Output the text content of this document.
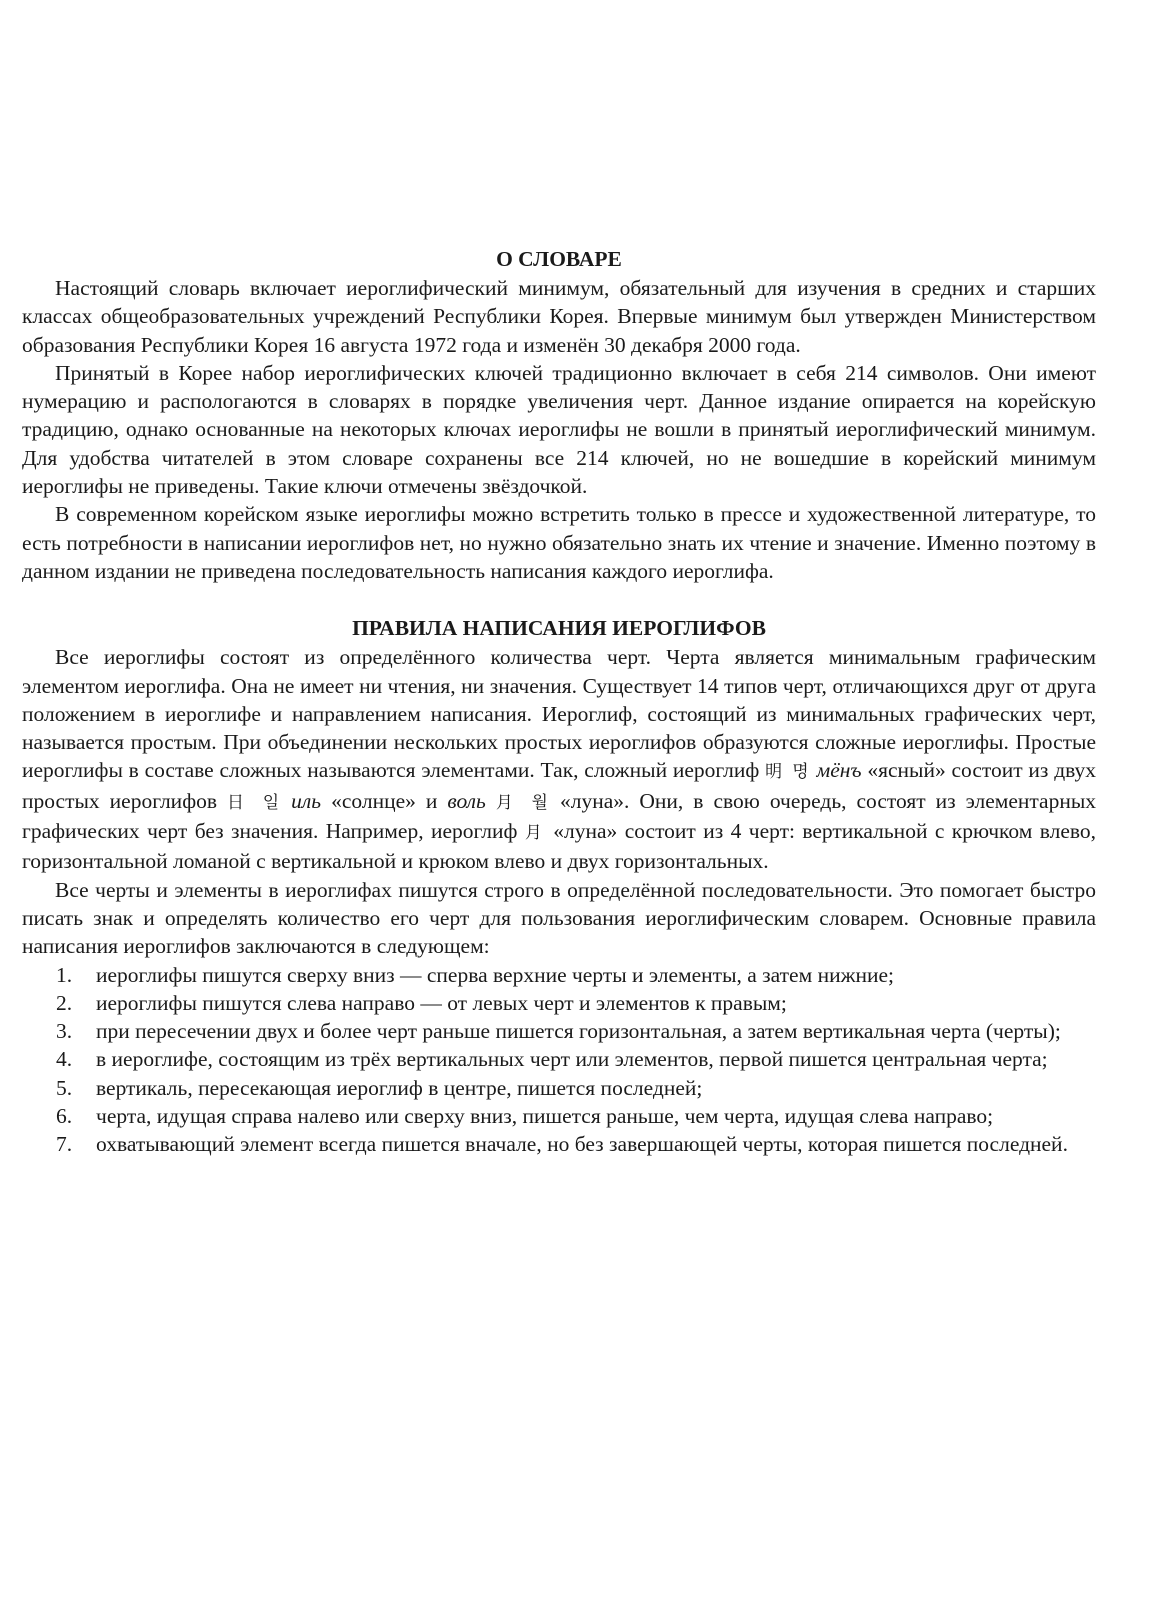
О СЛОВАРЕ

Настоящий словарь включает иероглифический минимум, обязательный для изучения в средних и старших классах общеобразовательных учреждений Республики Корея. Впервые минимум был утвержден Министерством образования Республики Корея 16 августа 1972 года и изменён 30 декабря 2000 года.

Принятый в Корее набор иероглифических ключей традиционно включает в себя 214 символов. Они имеют нумерацию и распологаются в словарях в порядке увеличения черт. Данное издание опирается на корейскую традицию, однако основанные на некоторых ключах иероглифы не вошли в принятый иероглифический минимум. Для удобства читателей в этом словаре сохранены все 214 ключей, но не вошедшие в корейский минимум иероглифы не приведены. Такие ключи отмечены звёздочкой.

В современном корейском языке иероглифы можно встретить только в прессе и художественной литературе, то есть потребности в написании иероглифов нет, но нужно обязательно знать их чтение и значение. Именно поэтому в данном издании не приведена последовательность написания каждого иероглифа.

ПРАВИЛА НАПИСАНИЯ ИЕРОГЛИФОВ

Все иероглифы состоят из определённого количества черт. Черта является минимальным графическим элементом иероглифа. Она не имеет ни чтения, ни значения. Существует 14 типов черт, отличающихся друг от друга положением в иероглифе и направлением написания. Иероглиф, состоящий из минимальных графических черт, называется простым. При объединении нескольких простых иероглифов образуются сложные иероглифы. Простые иероглифы в составе сложных называются элементами. Так, сложный иероглиф 明 명 мёнъ «ясный» состоит из двух простых иероглифов 日 일 иль «солнце» и воль 月 월 «луна». Они, в свою очередь, состоят из элементарных графических черт без значения. Например, иероглиф 月 «луна» состоит из 4 черт: вертикальной с крючком влево, горизонтальной ломаной с вертикальной и крюком влево и двух горизонтальных.

Все черты и элементы в иероглифах пишутся строго в определённой последовательности. Это помогает быстро писать знак и определять количество его черт для пользования иероглифическим словарем. Основные правила написания иероглифов заключаются в следующем:

1. иероглифы пишутся сверху вниз — сперва верхние черты и элементы, а затем нижние;
2. иероглифы пишутся слева направо — от левых черт и элементов к правым;
3. при пересечении двух и более черт раньше пишется горизонтальная, а затем вертикальная черта (черты);
4. в иероглифе, состоящим из трёх вертикальных черт или элементов, первой пишется центральная черта;
5. вертикаль, пересекающая иероглиф в центре, пишется последней;
6. черта, идущая справа налево или сверху вниз, пишется раньше, чем черта, идущая слева направо;
7. охватывающий элемент всегда пишется вначале, но без завершающей черты, которая пишется последней.
